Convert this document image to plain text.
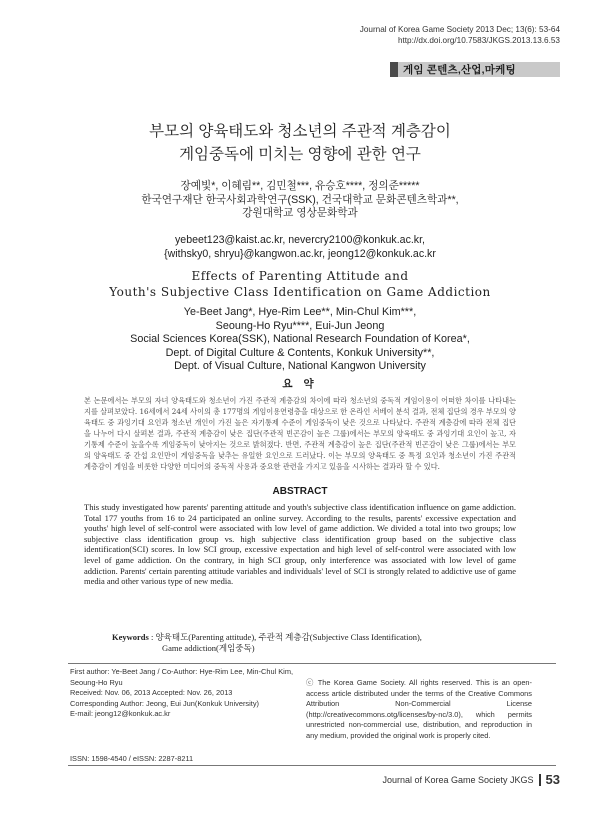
Journal of Korea Game Society 2013 Dec; 13(6): 53-64
http://dx.doi.org/10.7583/JKGS.2013.13.6.53
게임 콘텐츠,산업,마케팅
부모의 양육태도와 청소년의 주관적 계층감이
게임중독에 미치는 영향에 관한 연구
장예빛*, 이혜림**, 김민철***, 유승호****, 정의준*****
한국연구재단 한국사회과학연구(SSK), 건국대학교 문화콘텐츠학과**,
강원대학교 영상문화학과
yebeet123@kaist.ac.kr, nevercry2100@konkuk.ac.kr,
{withsky0, shryu}@kangwon.ac.kr, jeong12@konkuk.ac.kr
Effects of Parenting Attitude and
Youth's Subjective Class Identification on Game Addiction
Ye-Beet Jang*, Hye-Rim Lee**, Min-Chul Kim***,
Seoung-Ho Ryu****, Eui-Jun Jeong
Social Sciences Korea(SSK), National Research Foundation of Korea*,
Dept. of Digital Culture & Contents, Konkuk University**,
Dept. of Visual Culture, National Kangwon University
요 약
본 논문에서는 부모의 자녀 양육태도와 청소년이 가진 주관적 계층감의 차이에 따라 청소년의 중독적 게임이용이 어떠한 차이를 나타내는지를 살펴보았다. 16세에서 24세 사이의 총 177명의 게임이용연령층을 대상으로 한 온라인 서베이 분석 결과, 전체 집단의 경우 부모의 양육태도 중 과잉기대 요인과 청소년 개인이 가진 높은 자기통제 수준이 게임중독이 낮은 것으로 나타났다. 주관적 계층감에 따라 전체 집단을 나누어 다시 살펴본 결과, 주관적 계층감이 낮은 집단(주관적 빈곤감이 높은 그룹)에서는 부모의 양육태도 중 과잉기대 요인이 높고, 자기통제 수준이 높을수록 게임중독이 낮아지는 것으로 밝혀졌다. 반면, 주관적 계층감이 높은 집단(주관적 빈곤감이 낮은 그룹)에서는 부모의 양육태도 중 간섭 요인만이 게임중독을 낮추는 유일한 요인으로 드러났다. 이는 부모의 양육태도 중 특정 요인과 청소년이 가진 주관적 계층감이 게임을 비롯한 다양한 미디어의 중독적 사용과 중요한 관련을 가지고 있음을 시사하는 결과라 할 수 있다.
ABSTRACT
This study investigated how parents' parenting attitude and youth's subjective class identification influence on game addiction. Total 177 youths from 16 to 24 participated an online survey. According to the results, parents' excessive expectation and youths' high level of self-control were associated with low level of game addiction. We divided a total into two groups; low subjective class identification group vs. high subjective class identification group based on the subjective class identification(SCI) scores. In low SCI group, excessive expectation and high level of self-control were associated with low level of game addiction. On the contrary, in high SCI group, only interference was associated with low level of game addiction. Parents' certain parenting attitude variables and individuals' level of SCI is strongly related to addictive use of game media and other various type of new media.
Keywords : 양육태도(Parenting attitude), 주관적 계층감(Subjective Class Identification),
Game addiction(게임중독)
First author: Ye-Beet Jang / Co-Author: Hye-Rim Lee, Min-Chul Kim, Seoung-Ho Ryu
Received: Nov. 06, 2013 Accepted: Nov. 26, 2013
Corresponding Author: Jeong, Eui Jun(Konkuk University)
E-mail: jeong12@konkuk.ac.kr
ISSN: 1598-4540 / eISSN: 2287-8211
ⓒ The Korea Game Society. All rights reserved. This is an open-access article distributed under the terms of the Creative Commons Attribution Non-Commercial License (http://creativecommons.otg/licenses/by-nc/3.0), which permits unrestricted non-commercial use, distribution, and reproduction in any medium, provided the original work is properly cited.
Journal of Korea Game Society JKGS 53
